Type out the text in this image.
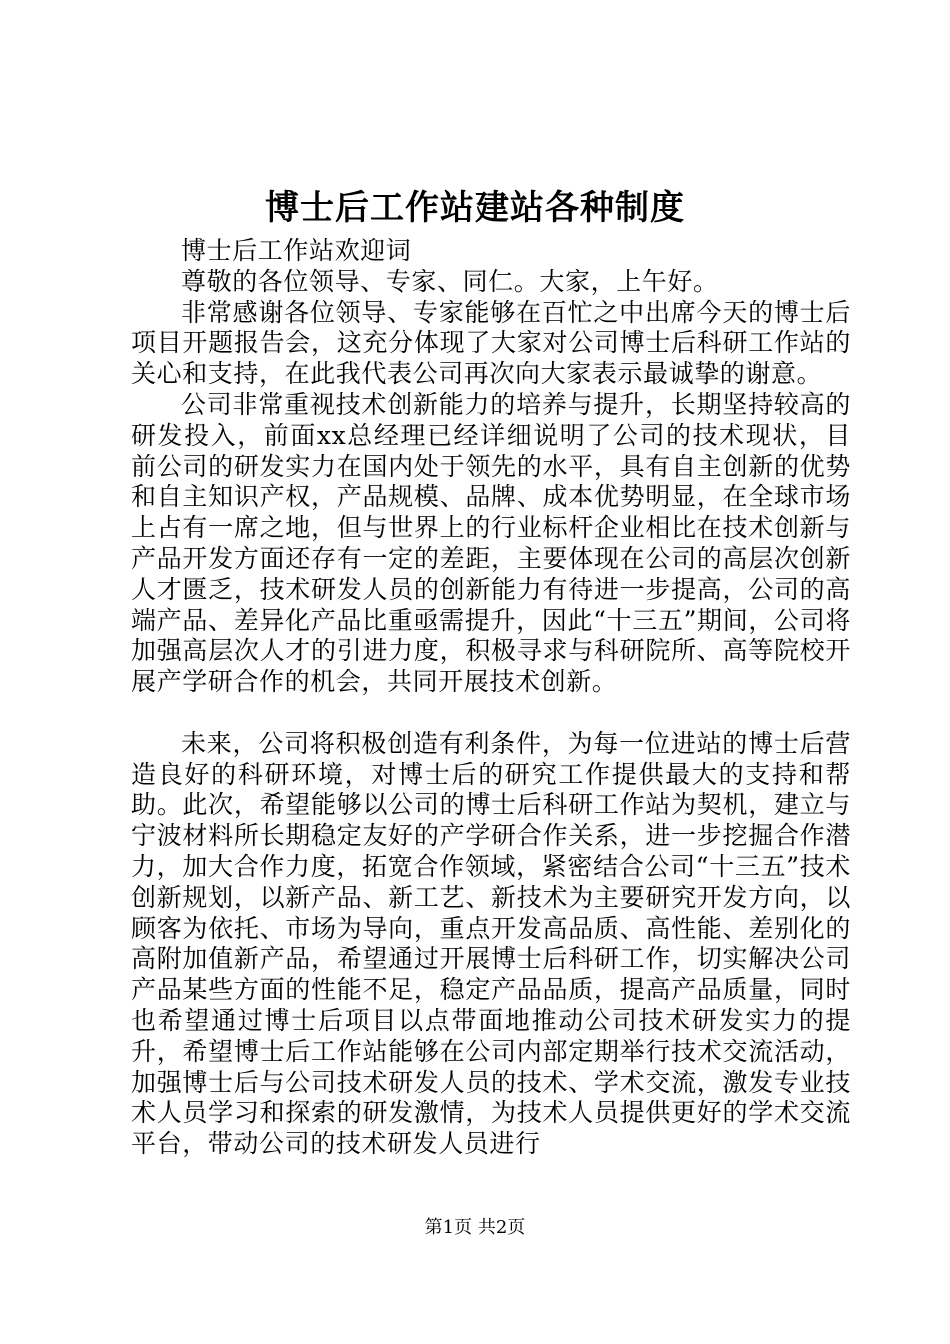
博士后工作站建站各种制度

博士后工作站欢迎词

尊敬的各位领导、专家、同仁。大家，上午好。

非常感谢各位领导、专家能够在百忙之中出席今天的博士后项目开题报告会，这充分体现了大家对公司博士后科研工作站的关心和支持，在此我代表公司再次向大家表示最诚挚的谢意。

公司非常重视技术创新能力的培养与提升，长期坚持较高的研发投入，前面xx总经理已经详细说明了公司的技术现状，目前公司的研发实力在国内处于领先的水平，具有自主创新的优势和自主知识产权，产品规模、品牌、成本优势明显，在全球市场上占有一席之地，但与世界上的行业标杆企业相比在技术创新与产品开发方面还存有一定的差距，主要体现在公司的高层次创新人才匮乏，技术研发人员的创新能力有待进一步提高，公司的高端产品、差异化产品比重亟需提升，因此“十三五”期间，公司将加强高层次人才的引进力度，积极寻求与科研院所、高等院校开展产学研合作的机会，共同开展技术创新。

未来，公司将积极创造有利条件，为每一位进站的博士后营造良好的科研环境，对博士后的研究工作提供最大的支持和帮助。此次，希望能够以公司的博士后科研工作站为契机，建立与宁波材料所长期稳定友好的产学研合作关系，进一步挖掘合作潜力，加大合作力度，拓宽合作领域，紧密结合公司“十三五”技术创新规划，以新产品、新工艺、新技术为主要研究开发方向，以顾客为依托、市场为导向，重点开发高品质、高性能、差别化的高附加值新产品，希望通过开展博士后科研工作，切实解决公司产品某些方面的性能不足，稳定产品品质，提高产品质量，同时也希望通过博士后项目以点带面地推动公司技术研发实力的提升，希望博士后工作站能够在公司内部定期举行技术交流活动，加强博士后与公司技术研发人员的技术、学术交流，激发专业技术人员学习和探索的研发激情，为技术人员提供更好的学术交流平台，带动公司的技术研发人员进行

第1页 共2页
